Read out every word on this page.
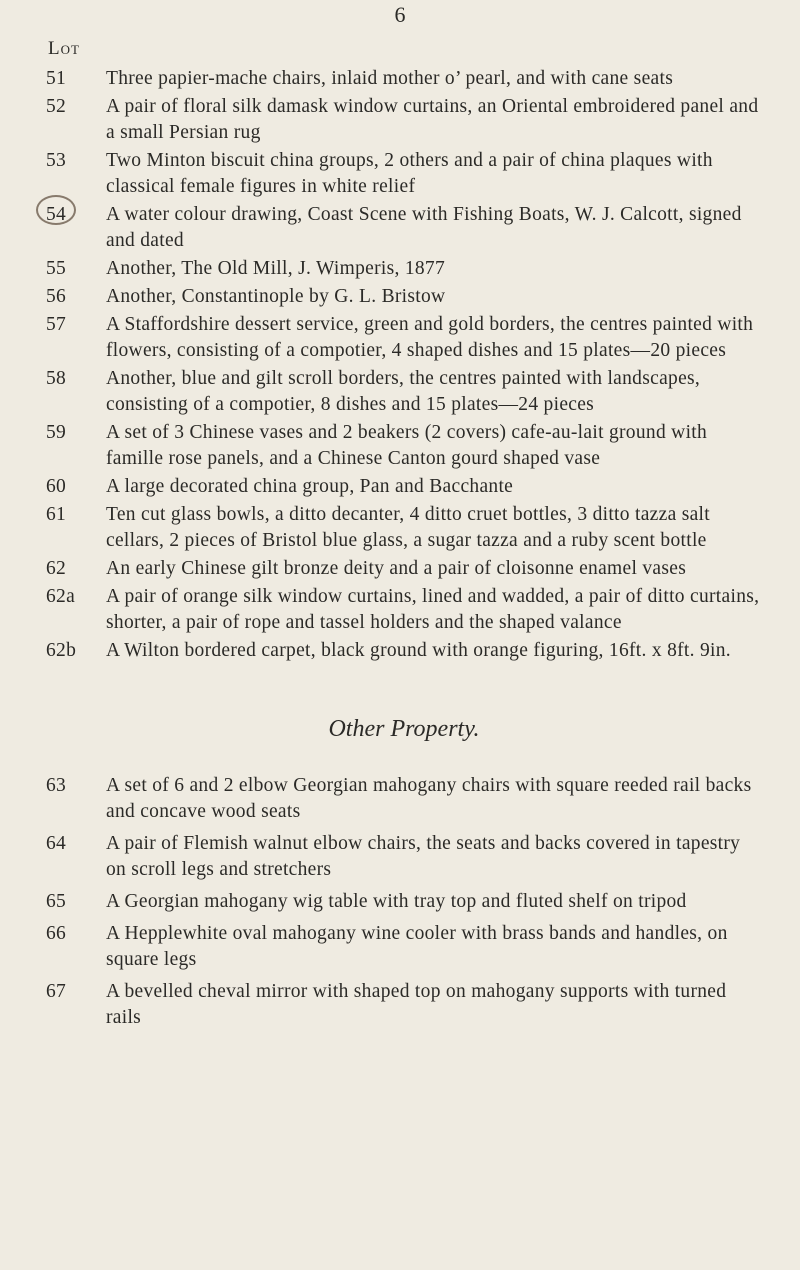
6
Lot
51	Three papier-mache chairs, inlaid mother o’ pearl, and with cane seats
52	A pair of floral silk damask window curtains, an Oriental embroidered panel and a small Persian rug
53	Two Minton biscuit china groups, 2 others and a pair of china plaques with classical female figures in white relief
54	A water colour drawing, Coast Scene with Fishing Boats, W. J. Calcott, signed and dated
55	Another, The Old Mill, J. Wimperis, 1877
56	Another, Constantinople by G. L. Bristow
57	A Staffordshire dessert service, green and gold borders, the centres painted with flowers, consisting of a compotier, 4 shaped dishes and 15 plates—20 pieces
58	Another, blue and gilt scroll borders, the centres painted with landscapes, consisting of a compotier, 8 dishes and 15 plates—24 pieces
59	A set of 3 Chinese vases and 2 beakers (2 covers) cafe-au-lait ground with famille rose panels, and a Chinese Canton gourd shaped vase
60	A large decorated china group, Pan and Bacchante
61	Ten cut glass bowls, a ditto decanter, 4 ditto cruet bottles, 3 ditto tazza salt cellars, 2 pieces of Bristol blue glass, a sugar tazza and a ruby scent bottle
62	An early Chinese gilt bronze deity and a pair of cloisonne enamel vases
62a	A pair of orange silk window curtains, lined and wadded, a pair of ditto curtains, shorter, a pair of rope and tassel holders and the shaped valance
62b	A Wilton bordered carpet, black ground with orange figuring, 16ft. x 8ft. 9in.
Other Property.
63	A set of 6 and 2 elbow Georgian mahogany chairs with square reeded rail backs and concave wood seats
64	A pair of Flemish walnut elbow chairs, the seats and backs covered in tapestry on scroll legs and stretchers
65	A Georgian mahogany wig table with tray top and fluted shelf on tripod
66	A Hepplewhite oval mahogany wine cooler with brass bands and handles, on square legs
67	A bevelled cheval mirror with shaped top on mahogany supports with turned rails
